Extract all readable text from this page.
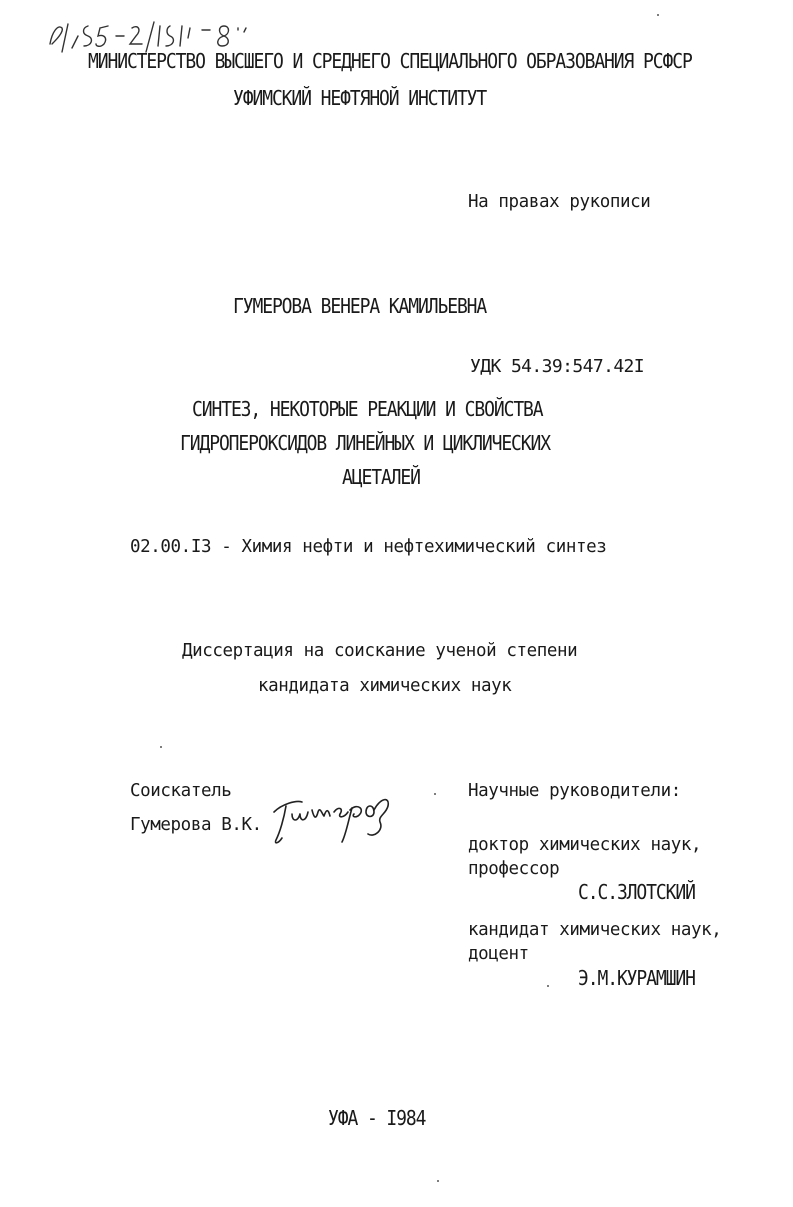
МИНИСТЕРСТВО ВЫСШЕГО И СРЕДНЕГО СПЕЦИАЛЬНОГО ОБРАЗОВАНИЯ РСФСР
УФИМСКИЙ НЕФТЯНОЙ ИНСТИТУТ
На правах рукописи
ГУМЕРОВА ВЕНЕРА КАМИЛЬЕВНА
УДК 54.39:547.42I
СИНТЕЗ, НЕКОТОРЫЕ РЕАКЦИИ И СВОЙСТВА
ГИДРОПЕРОКСИДОВ ЛИНЕЙНЫХ И ЦИКЛИЧЕСКИХ
АЦЕТАЛЕЙ
02.00.I3 - Химия нефти и нефтехимический синтез
Диссертация на соискание ученой степени
кандидата химических наук
Соискатель
Гумерова В.К.
Научные руководители:
доктор химических наук,
профессор
С.С.ЗЛОТСКИЙ
кандидат химических наук,
доцент
Э.М.КУРАМШИН
УФА - I984
